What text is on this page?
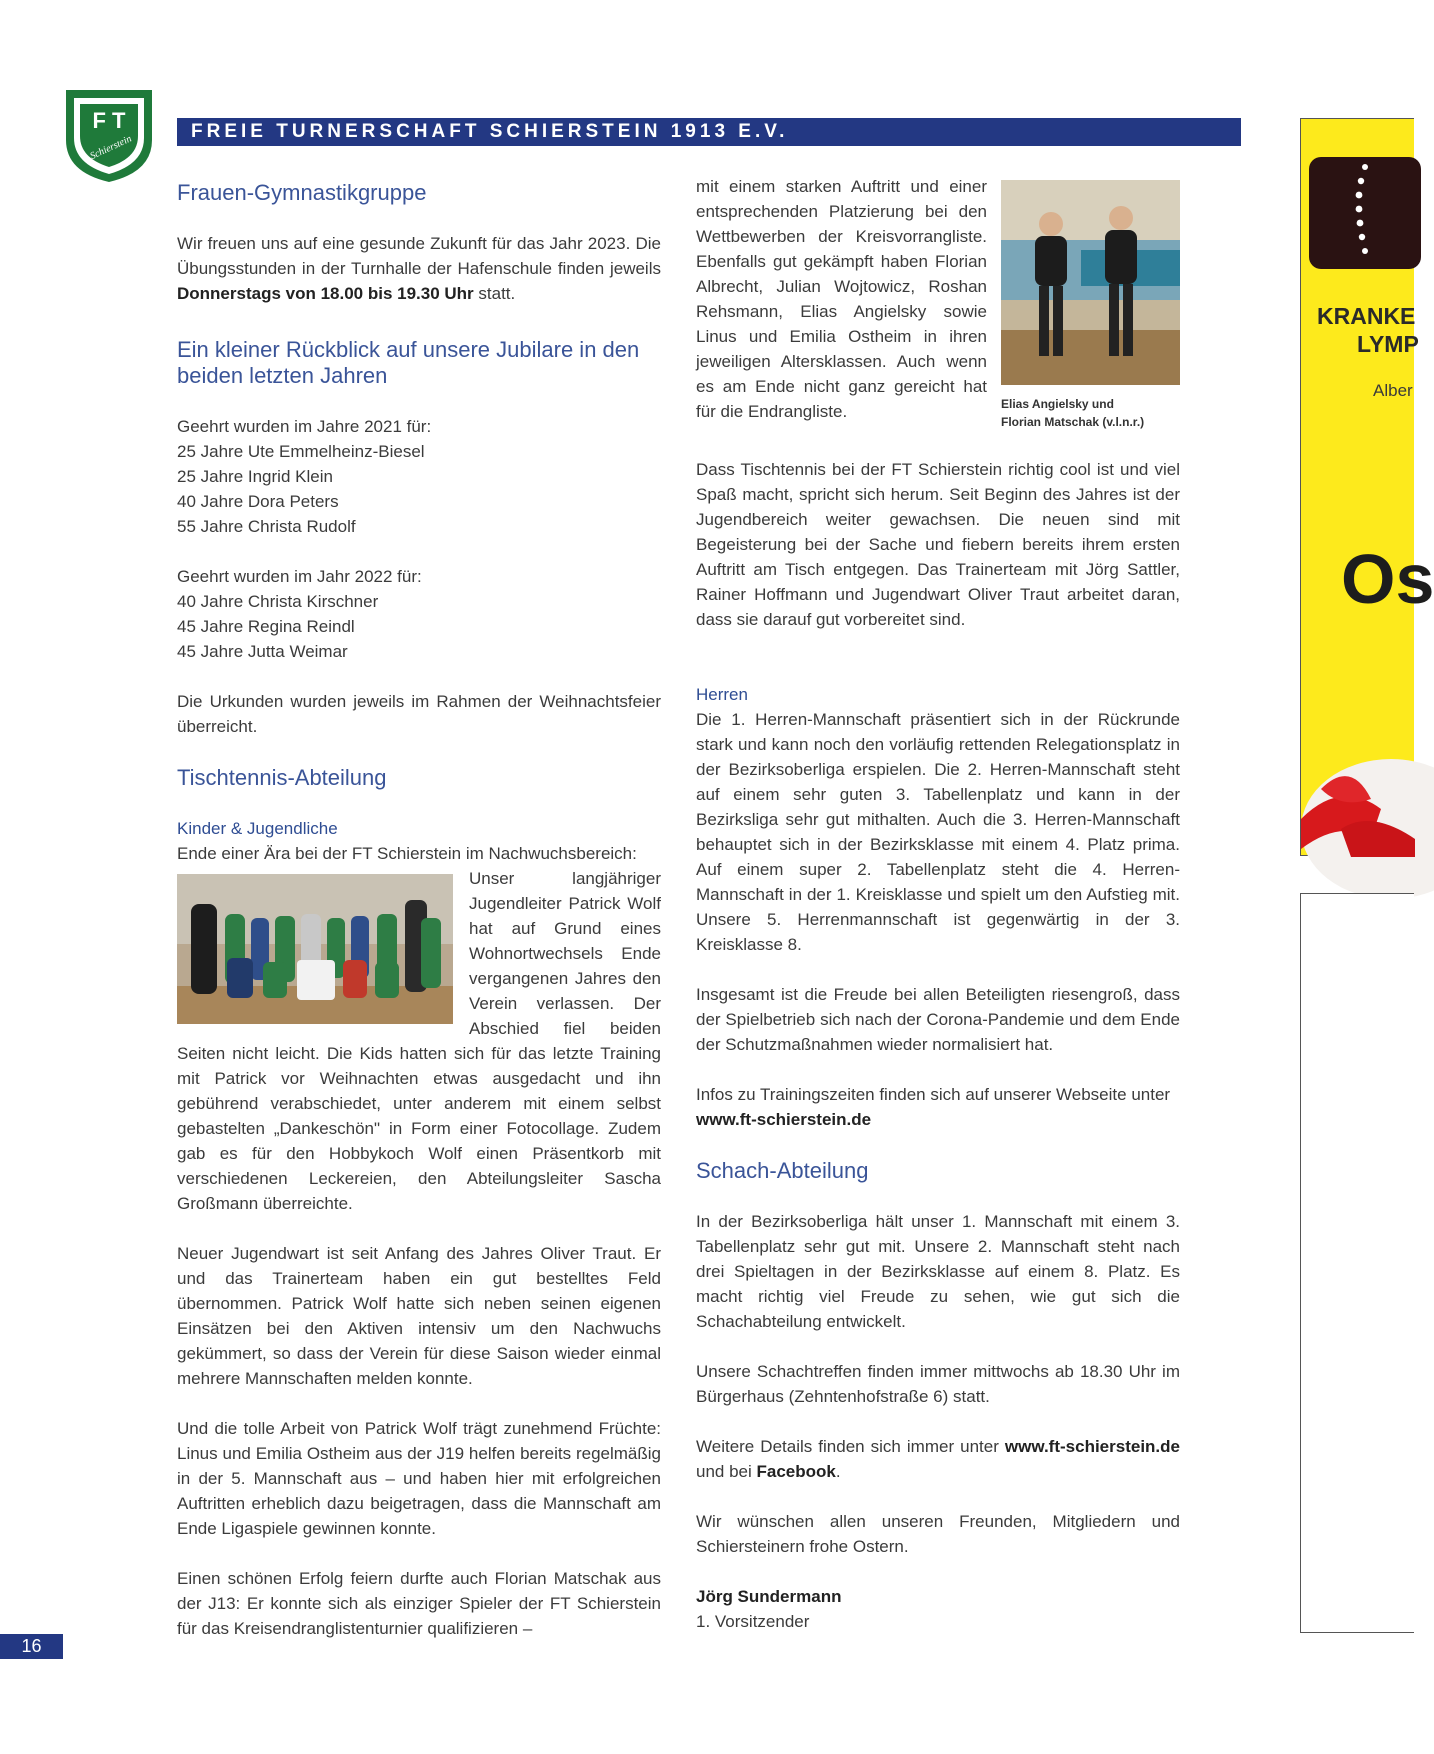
F T
Schierstein
FREIE TURNERSCHAFT SCHIERSTEIN 1913 E.V.
Frauen-Gymnastikgruppe

Wir freuen uns auf eine gesunde Zukunft für das Jahr 2023. Die Übungsstunden in der Turnhalle der Hafenschule finden jeweils Donnerstags von 18.00 bis 19.30 Uhr statt.

Ein kleiner Rückblick auf unsere Jubilare in den beiden letzten Jahren

Geehrt wurden im Jahre 2021 für:

25 Jahre Ute Emmelheinz-Biesel

25 Jahre Ingrid Klein

40 Jahre Dora Peters

55 Jahre Christa Rudolf

Geehrt wurden im Jahr 2022 für:

40 Jahre Christa Kirschner

45 Jahre Regina Reindl

45 Jahre Jutta Weimar

Die Urkunden wurden jeweils im Rahmen der Weihnachtsfeier überreicht.

Tischtennis-Abteilung
Kinder & Jugendliche

Ende einer Ära bei der FT Schierstein im Nachwuchsbereich:

Unser langjähriger Jugendleiter Patrick Wolf hat auf Grund eines Wohnortwechsels Ende vergangenen Jahres den Verein verlassen. Der Abschied fiel beiden Seiten nicht leicht. Die Kids hatten sich für das letzte Training mit Patrick vor Weihnachten etwas ausgedacht und ihn gebührend verabschiedet, unter anderem mit einem selbst gebastelten „Dankeschön" in Form einer Fotocollage. Zudem gab es für den Hobbykoch Wolf einen Präsentkorb mit verschiedenen Leckereien, den Abteilungsleiter Sascha Großmann überreichte.

Neuer Jugendwart ist seit Anfang des Jahres Oliver Traut. Er und das Trainerteam haben ein gut bestelltes Feld übernommen. Patrick Wolf hatte sich neben seinen eigenen Einsätzen bei den Aktiven intensiv um den Nachwuchs gekümmert, so dass der Verein für diese Saison wieder einmal mehrere Mannschaften melden konnte.

Und die tolle Arbeit von Patrick Wolf trägt zunehmend Früchte: Linus und Emilia Ostheim aus der J19 helfen bereits regelmäßig in der 5. Mannschaft aus – und haben hier mit erfolgreichen Auftritten erheblich dazu beigetragen, dass die Mannschaft am Ende Ligaspiele gewinnen konnte.

Einen schönen Erfolg feiern durfte auch Florian Matschak aus der J13: Er konnte sich als einziger Spieler der FT Schierstein für das Kreisendranglistenturnier qualifizieren –

Elias Angielsky und
Florian Matschak (v.l.n.r.)

mit einem starken Auftritt und einer entsprechenden Platzierung bei den Wettbewerben der Kreisvorrangliste. Ebenfalls gut gekämpft haben Florian Albrecht, Julian Wojtowicz, Roshan Rehsmann, Elias Angielsky sowie Linus und Emilia Ostheim in ihren jeweiligen Altersklassen. Auch wenn es am Ende nicht ganz gereicht hat für die Endrangliste.

Dass Tischtennis bei der FT Schierstein richtig cool ist und viel Spaß macht, spricht sich herum. Seit Beginn des Jahres ist der Jugendbereich weiter gewachsen. Die neuen sind mit Begeisterung bei der Sache und fiebern bereits ihrem ersten Auftritt am Tisch entgegen. Das Trainerteam mit Jörg Sattler, Rainer Hoffmann und Jugendwart Oliver Traut arbeitet daran, dass sie darauf gut vorbereitet sind.

Herren

Die 1. Herren-Mannschaft präsentiert sich in der Rückrunde stark und kann noch den vorläufig rettenden Relegationsplatz in der Bezirksoberliga erspielen. Die 2. Herren-Mannschaft steht auf einem sehr guten 3. Tabellenplatz und kann in der Bezirksliga sehr gut mithalten. Auch die 3. Herren-Mannschaft behauptet sich in der Bezirksklasse mit einem 4. Platz prima. Auf einem super 2. Tabellenplatz steht die 4. Herren-Mannschaft in der 1. Kreisklasse und spielt um den Aufstieg mit. Unsere 5. Herrenmannschaft ist gegenwärtig in der 3. Kreisklasse 8.

Insgesamt ist die Freude bei allen Beteiligten riesengroß, dass der Spielbetrieb sich nach der Corona-Pandemie und dem Ende der Schutzmaßnahmen wieder normalisiert hat.

Infos zu Trainingszeiten finden sich auf unserer Webseite unter

www.ft-schierstein.de

Schach-Abteilung

In der Bezirksoberliga hält unser 1. Mannschaft mit einem 3. Tabellenplatz sehr gut mit. Unsere 2. Mannschaft steht nach drei Spieltagen in der Bezirksklasse auf einem 8. Platz. Es macht richtig viel Freude zu sehen, wie gut sich die Schachabteilung entwickelt.

Unsere Schachtreffen finden immer mittwochs ab 18.30 Uhr im Bürgerhaus (Zehntenhofstraße 6) statt.

Weitere Details finden sich immer unter www.ft-schierstein.de und bei Facebook.

Wir wünschen allen unseren Freunden, Mitgliedern und Schiersteinern frohe Ostern.

Jörg Sundermann

1. Vorsitzender

KRANKE
LYMP
Alber
Os
16
